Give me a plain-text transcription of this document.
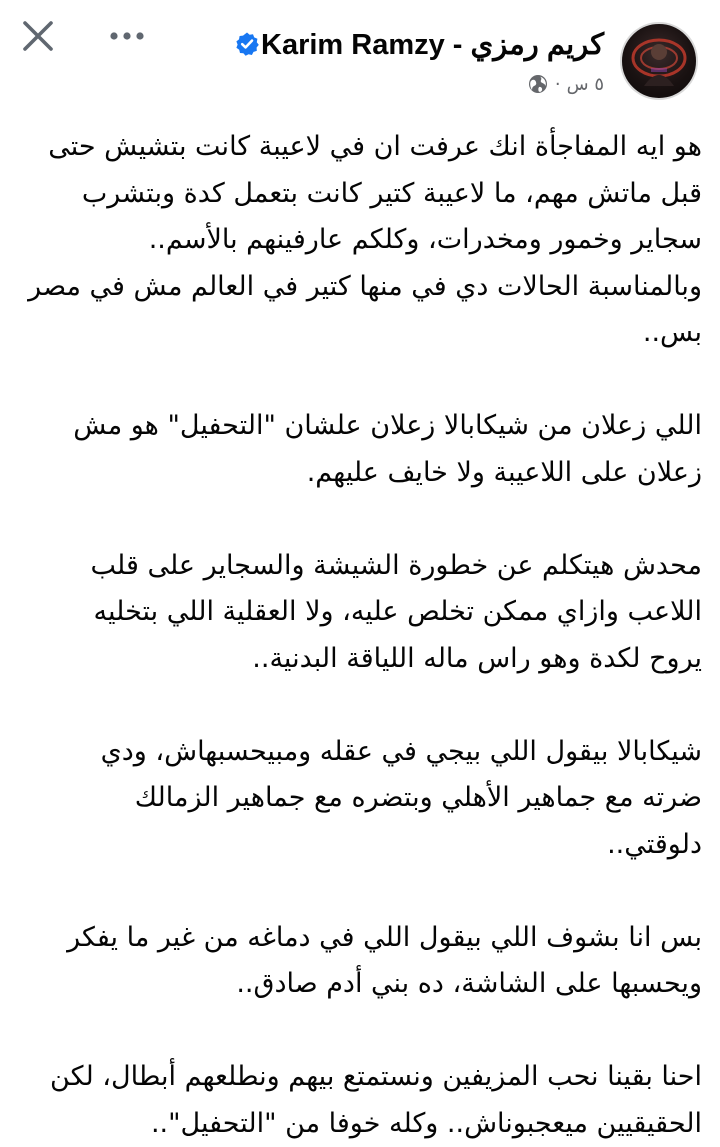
كريم رمزي - Karim Ramzy
٥ س
·

هو ايه المفاجأة انك عرفت ان في لاعيبة كانت بتشيش حتى
قبل ماتش مهم، ما لاعيبة كتير كانت بتعمل كدة وبتشرب
سجاير وخمور ومخدرات، وكلكم عارفينهم بالأسم..

وبالمناسبة الحالات دي في منها كتير في العالم مش في مصر
بس..

اللي زعلان من شيكابالا زعلان علشان "التحفيل" هو مش
زعلان على اللاعيبة ولا خايف عليهم.

محدش هيتكلم عن خطورة الشيشة والسجاير على قلب
اللاعب وازاي ممكن تخلص عليه، ولا العقلية اللي بتخليه
يروح لكدة وهو راس ماله اللياقة البدنية..

شيكابالا بيقول اللي بيجي في عقله ومبيحسبهاش، ودي
ضرته مع جماهير الأهلي وبتضره مع جماهير الزمالك
دلوقتي..

بس انا بشوف اللي بيقول اللي في دماغه من غير ما يفكر
ويحسبها على الشاشة، ده بني أدم صادق..

احنا بقينا نحب المزيفين ونستمتع بيهم ونطلعهم أبطال، لكن
الحقيقيين ميعجبوناش.. وكله خوفا من "التحفيل"..
